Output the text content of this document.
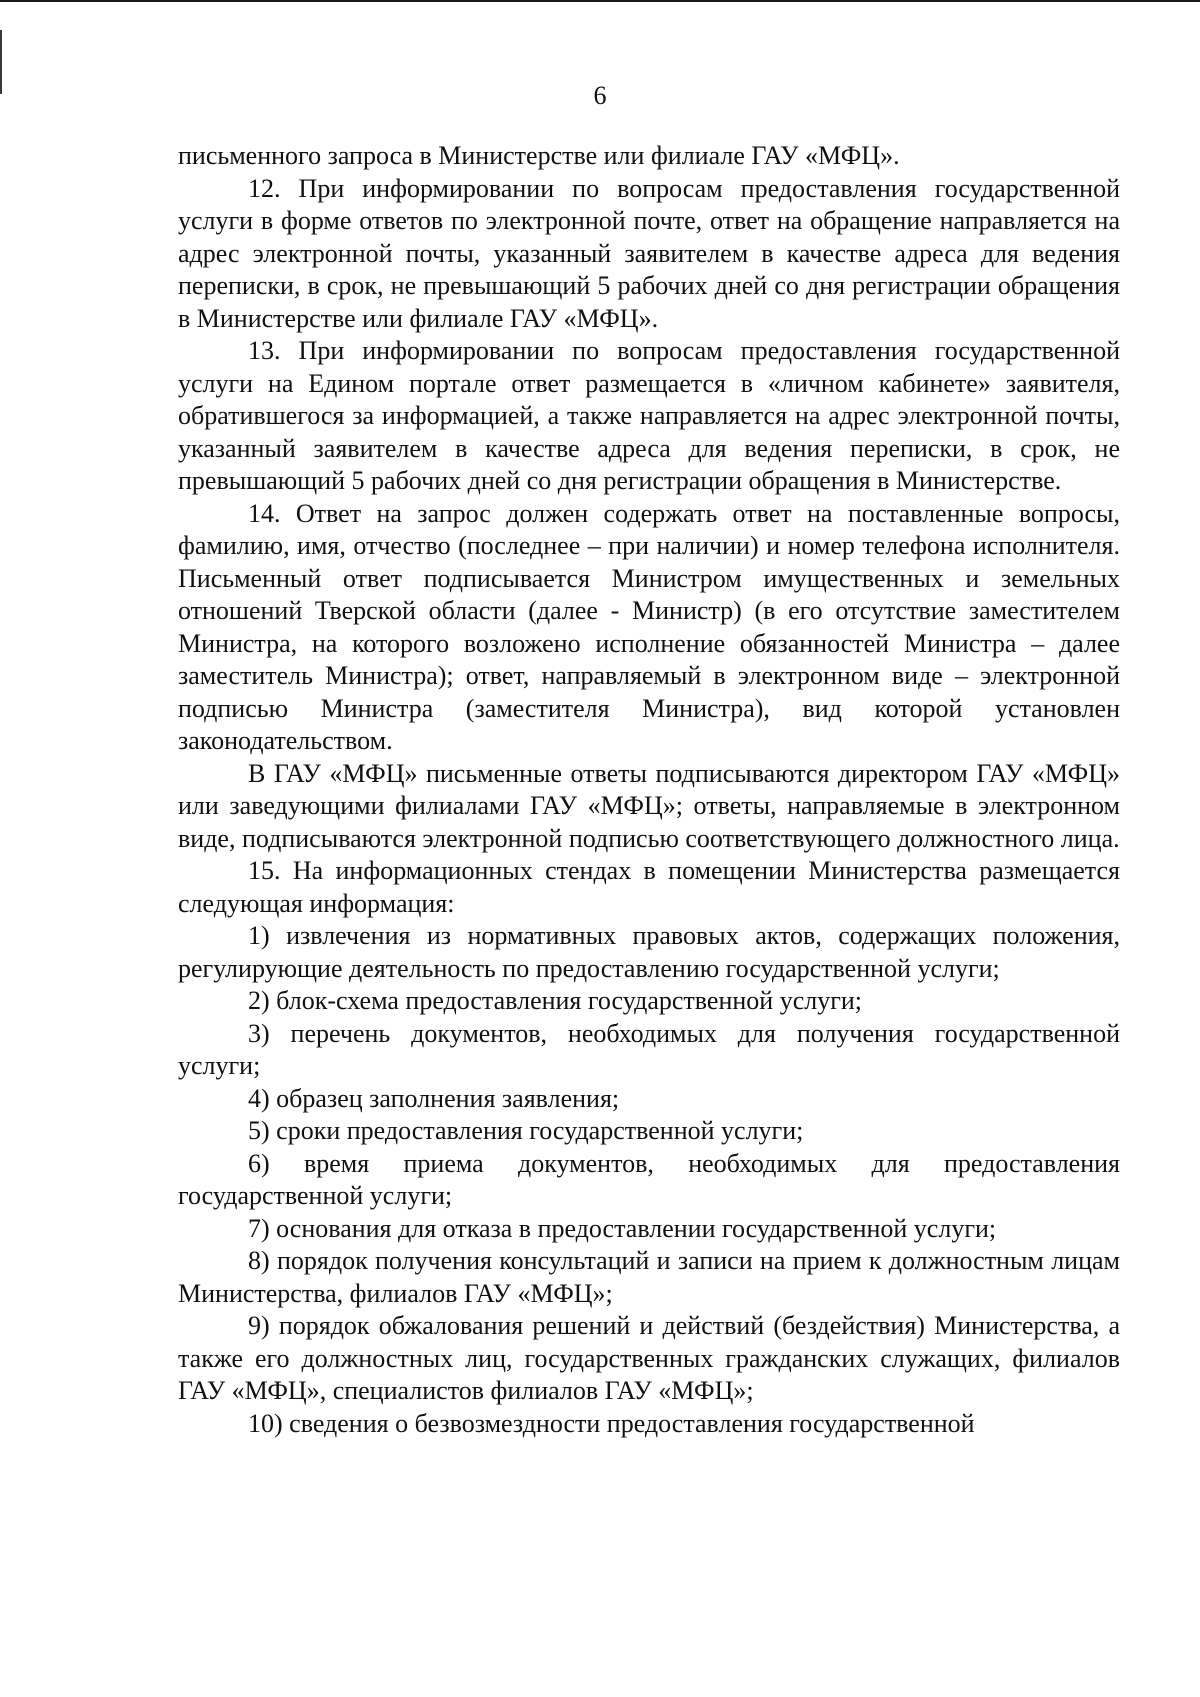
6

письменного запроса в Министерстве или филиале ГАУ «МФЦ».

12. При информировании по вопросам предоставления государственной услуги в форме ответов по электронной почте, ответ на обращение направляется на адрес электронной почты, указанный заявителем в качестве адреса для ведения переписки, в срок, не превышающий 5 рабочих дней со дня регистрации обращения в Министерстве или филиале ГАУ «МФЦ».

13. При информировании по вопросам предоставления государственной услуги на Едином портале ответ размещается в «личном кабинете» заявителя, обратившегося за информацией, а также направляется на адрес электронной почты, указанный заявителем в качестве адреса для ведения переписки, в срок, не превышающий 5 рабочих дней со дня регистрации обращения в Министерстве.

14. Ответ на запрос должен содержать ответ на поставленные вопросы, фамилию, имя, отчество (последнее – при наличии) и номер телефона исполнителя. Письменный ответ подписывается Министром имущественных и земельных отношений Тверской области (далее - Министр) (в его отсутствие заместителем Министра, на которого возложено исполнение обязанностей Министра – далее заместитель Министра); ответ, направляемый в электронном виде – электронной подписью Министра (заместителя Министра), вид которой установлен законодательством.

В ГАУ «МФЦ» письменные ответы подписываются директором ГАУ «МФЦ» или заведующими филиалами ГАУ «МФЦ»; ответы, направляемые в электронном виде, подписываются электронной подписью соответствующего должностного лица.

15. На информационных стендах в помещении Министерства размещается следующая информация:

1) извлечения из нормативных правовых актов, содержащих положения, регулирующие деятельность по предоставлению государственной услуги;

2) блок-схема предоставления государственной услуги;

3) перечень документов, необходимых для получения государственной услуги;

4) образец заполнения заявления;

5) сроки предоставления государственной услуги;

6) время приема документов, необходимых для предоставления государственной услуги;

7) основания для отказа в предоставлении государственной услуги;

8) порядок получения консультаций и записи на прием к должностным лицам Министерства, филиалов ГАУ «МФЦ»;

9) порядок обжалования решений и действий (бездействия) Министерства, а также его должностных лиц, государственных гражданских служащих, филиалов ГАУ «МФЦ», специалистов филиалов ГАУ «МФЦ»;

10) сведения о безвозмездности предоставления государственной
